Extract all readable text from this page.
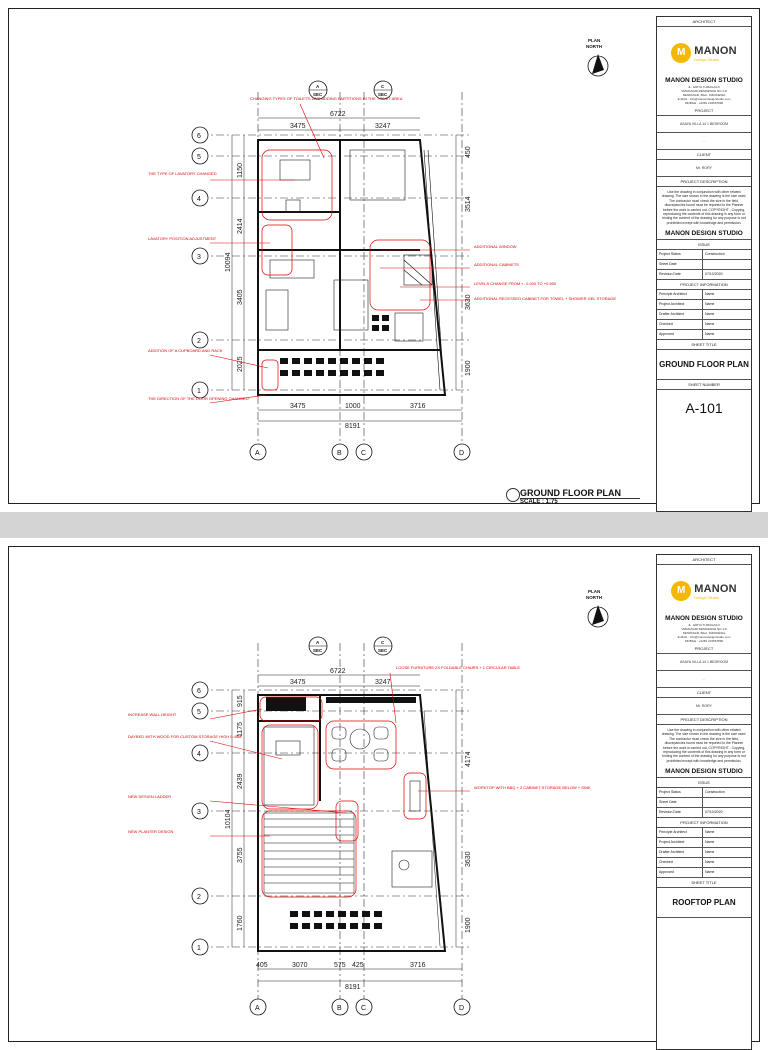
PLAN
NORTH
A	B	C	D
6
5
4
3
2
1
A
SEC
C
SEC
6722
3475	3247
3475	1000	3716
8191
1150
2414
3405
2025
10094
450
3514
3630
1900
THE TYPE OF LAVATORY CHANGED
LAVATORY POSITION ADJUSTMENT
ADDITION OF A CUPBOARD AND RACK
THE DIRECTION OF THE DOOR OPENING CHANGED
CHANGING TYPES OF TOILETS, AND ADDING PARTITIONS IN THE TOILET AREA
ADDITIONAL WINDOW
ADDITIONAL CABINETS
LEVELS CHANGE FROM +- 0.000 TO +0.550
ADDITIONAL RECESSED CABINET FOR TOWEL + SHOWER GEL STORAGE
GROUND FLOOR PLAN
SCALE : 1:75
ARCHITECT
M
MANON
Design Studio
MANON DESIGN STUDIO
JL. GRIYA TUMAGAS II
VRIMASARI RESIDENCE NO.1-8
DENPASAR, BALI, INDONESIA
E-MAIL : info@manondesignstudio.com
MOBILE : +6281 234567890
PROJECT
ASAYA VILLA 14 1 BEDROOM
-
CLIENT
Mr. RORY
PROJECT DESCRIPTION
Use the drawing in conjunction with other related drawing. The size shown in the drawing is the size used. The contractor must check the size in the field, discrepancies found must be reported to the Planner before the work is carried out. COPYRIGHT - Copying, reproducing the contents of this drawing in any form or hinting the content of the drawing for any purpose is not prohibited except with knowledge and permission.
MANON DESIGN STUDIO
ISSUE
Project Status	Construction
Sheet Date
Revision Date	07/10/2020
PROJECT INFORMATION
Principle Architect	Name
Project Architect	Name
Drafter Architect	Name
Checked	Name
Approved	Name
SHEET TITLE
GROUND FLOOR PLAN
SHEET NUMBER
A-101
PLAN
NORTH
A	B	C	D
6
5
4
3
2
1
A
SEC
C
SEC
6722
3475	3247
405	3070	575 425	3716
8191
915
1175
2439
3755
1760
10104
4174
3630
1900
INCREASE WALL HEIGHT
DAYBED WITH WOOD FOR CUSTOM STORAGE HIGH 0.45M
NEW DESIGN LADDER
NEW PLANTER DESIGN
LOOSE FURNITURE 2X FOLDABLE CHAIRS + 1 CIRCULAR TABLE
WORKTOP WITH BBQ + 2 CABINET STORAGE BELOW + SINK
ARCHITECT
M
MANON
Design Studio
MANON DESIGN STUDIO
JL. GRIYA TUMAGAS II
VRIMASARI RESIDENCE NO.1-8
DENPASAR, BALI, INDONESIA
E-MAIL : info@manondesignstudio.com
MOBILE : +6281 234567890
PROJECT
ASAYA VILLA 14 1 BEDROOM
-
CLIENT
Mr. RORY
PROJECT DESCRIPTION
Use the drawing in conjunction with other related drawing. The size shown in the drawing is the size used. The contractor must check the size in the field, discrepancies found must be reported to the Planner before the work is carried out. COPYRIGHT - Copying, reproducing the contents of this drawing in any form or hinting the content of the drawing for any purpose is not prohibited except with knowledge and permission.
MANON DESIGN STUDIO
ISSUE
Project Status	Construction
Sheet Date
Revision Date	07/10/2020
PROJECT INFORMATION
Principle Architect	Name
Project Architect	Name
Drafter Architect	Name
Checked	Name
Approved	Name
SHEET TITLE
ROOFTOP PLAN
